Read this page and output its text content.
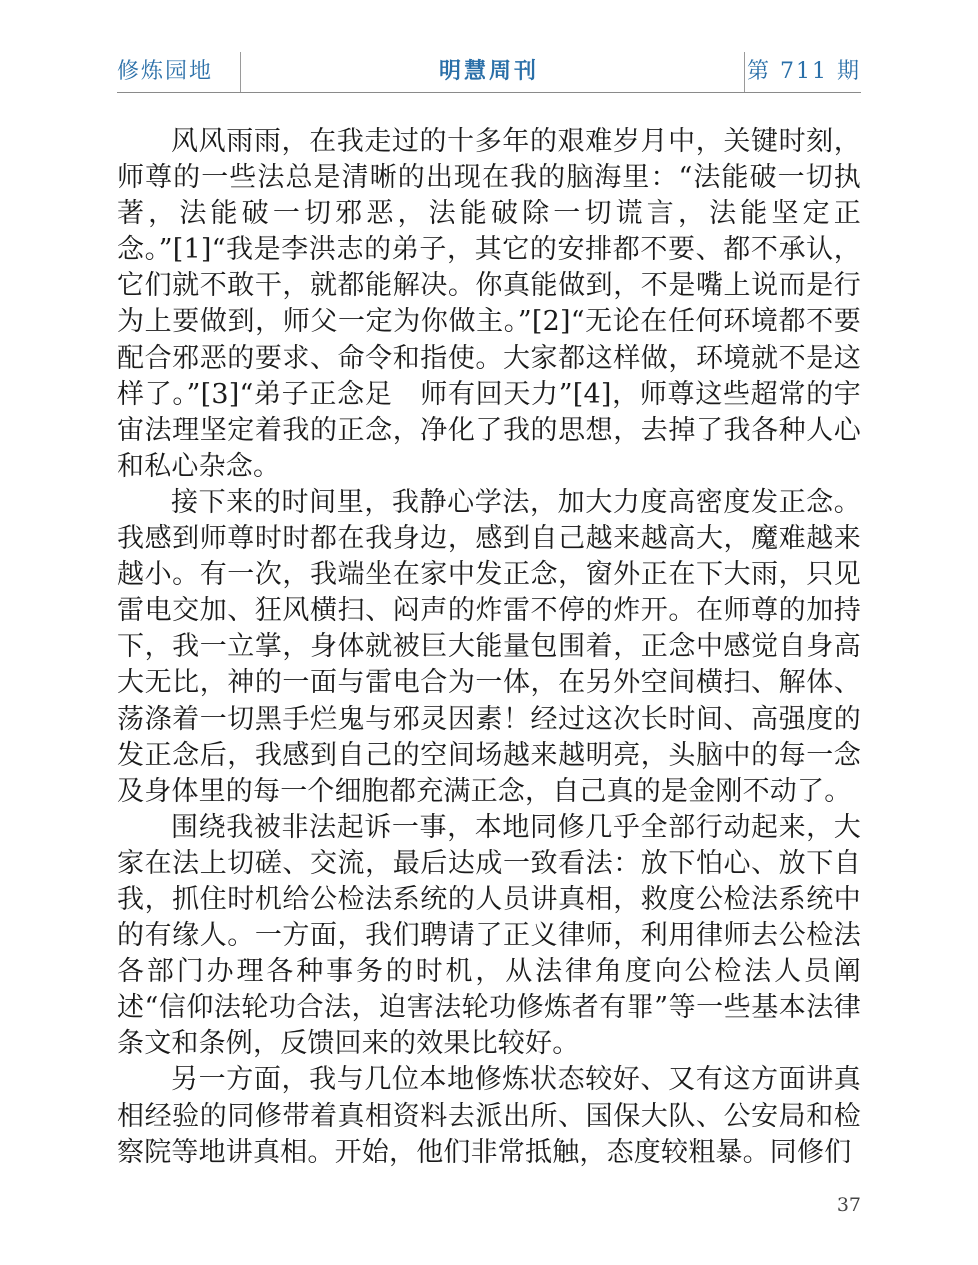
修炼园地	明慧周刊	第 711 期

风风雨雨，在我走过的十多年的艰难岁月中，关键时刻，师尊的一些法总是清晰的出现在我的脑海里：“法能破一切执著，法能破一切邪恶，法能破除一切谎言，法能坚定正念。”[1]“我是李洪志的弟子，其它的安排都不要、都不承认，它们就不敢干，就都能解决。你真能做到，不是嘴上说而是行为上要做到，师父一定为你做主。”[2]“无论在任何环境都不要配合邪恶的要求、命令和指使。大家都这样做，环境就不是这样了。”[3]“弟子正念足　师有回天力”[4]，师尊这些超常的宇宙法理坚定着我的正念，净化了我的思想，去掉了我各种人心和私心杂念。

接下来的时间里，我静心学法，加大力度高密度发正念。我感到师尊时时都在我身边，感到自己越来越高大，魔难越来越小。有一次，我端坐在家中发正念，窗外正在下大雨，只见雷电交加、狂风横扫、闷声的炸雷不停的炸开。在师尊的加持下，我一立掌，身体就被巨大能量包围着，正念中感觉自身高大无比，神的一面与雷电合为一体，在另外空间横扫、解体、荡涤着一切黑手烂鬼与邪灵因素！经过这次长时间、高强度的发正念后，我感到自己的空间场越来越明亮，头脑中的每一念及身体里的每一个细胞都充满正念，自己真的是金刚不动了。

围绕我被非法起诉一事，本地同修几乎全部行动起来，大家在法上切磋、交流，最后达成一致看法：放下怕心、放下自我，抓住时机给公检法系统的人员讲真相，救度公检法系统中的有缘人。一方面，我们聘请了正义律师，利用律师去公检法各部门办理各种事务的时机，从法律角度向公检法人员阐述“信仰法轮功合法，迫害法轮功修炼者有罪”等一些基本法律条文和条例，反馈回来的效果比较好。

另一方面，我与几位本地修炼状态较好、又有这方面讲真相经验的同修带着真相资料去派出所、国保大队、公安局和检察院等地讲真相。开始，他们非常抵触，态度较粗暴。同修们

37
